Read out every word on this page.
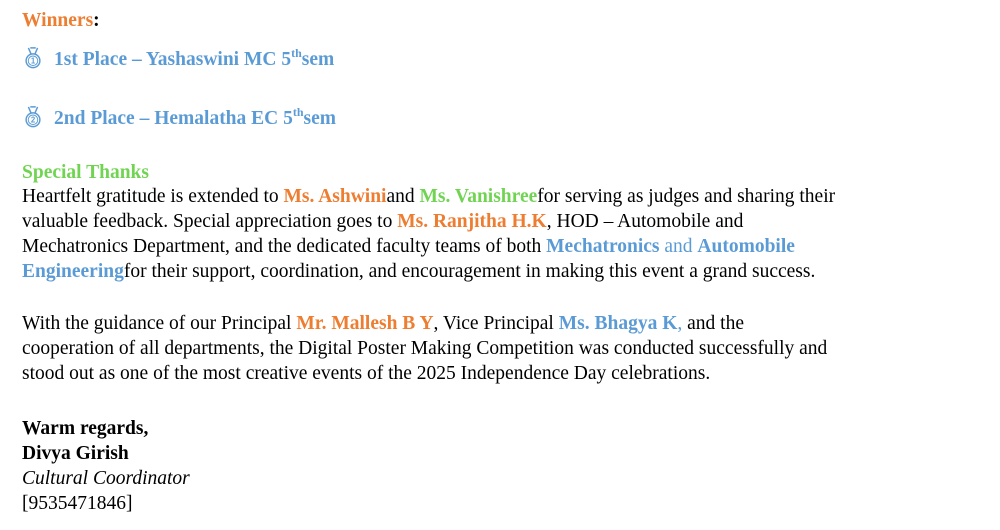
Winners:
1 1st Place – Yashaswini MC 5thsem
2 2nd Place – Hemalatha EC 5thsem
Special Thanks
Heartfelt gratitude is extended to Ms. Ashwiniand Ms. Vanishreefor serving as judges and sharing their
valuable feedback. Special appreciation goes to Ms. Ranjitha H.K, HOD – Automobile and
Mechatronics Department, and the dedicated faculty teams of both Mechatronics and Automobile
Engineeringfor their support, coordination, and encouragement in making this event a grand success.
With the guidance of our Principal Mr. Mallesh B Y, Vice Principal Ms. Bhagya K, and the
cooperation of all departments, the Digital Poster Making Competition was conducted successfully and
stood out as one of the most creative events of the 2025 Independence Day celebrations.
Warm regards,
Divya Girish
Cultural Coordinator
[9535471846]
